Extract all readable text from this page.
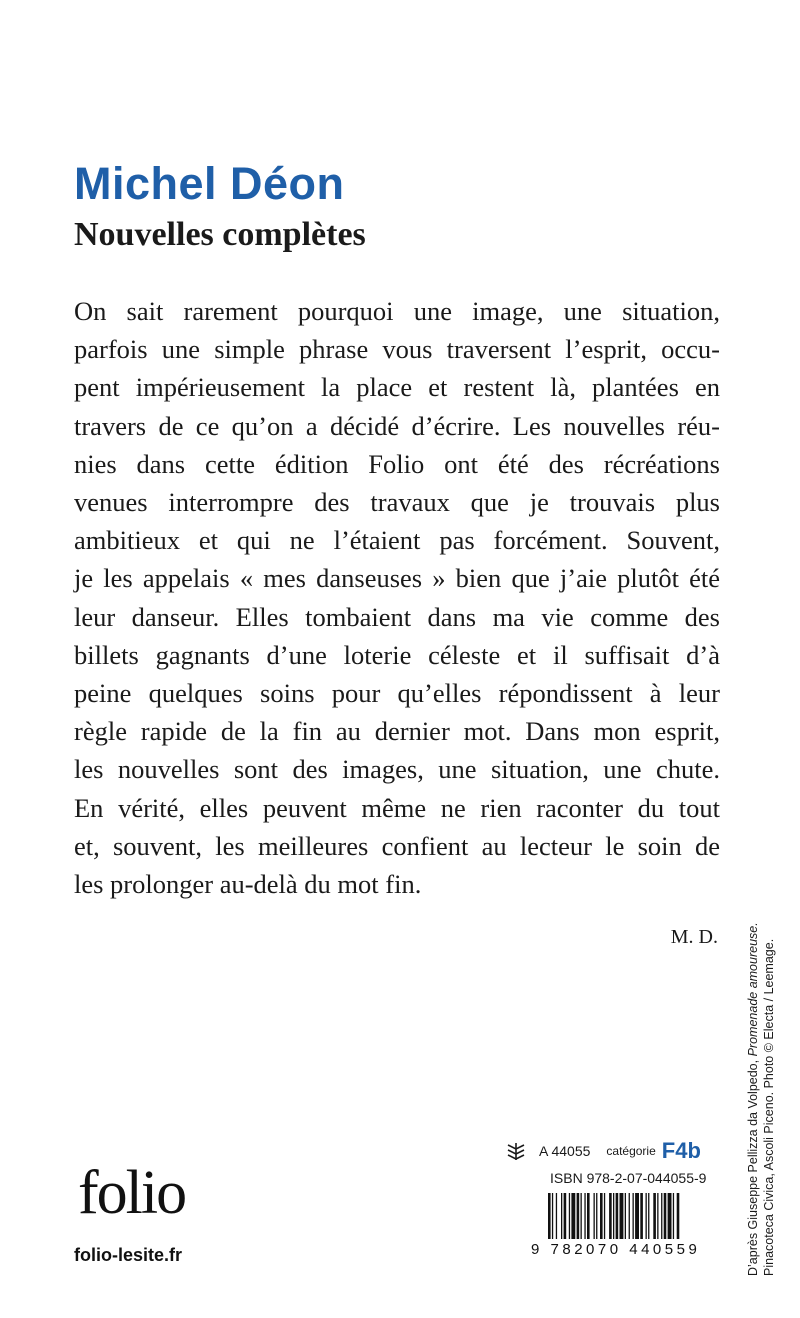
Michel Déon
Nouvelles complètes
On sait rarement pourquoi une image, une situation,
parfois une simple phrase vous traversent l’esprit, occu-
pent impérieusement la place et restent là, plantées en
travers de ce qu’on a décidé d’écrire. Les nouvelles réu-
nies dans cette édition Folio ont été des récréations
venues interrompre des travaux que je trouvais plus
ambitieux et qui ne l’étaient pas forcément. Souvent,
je les appelais « mes danseuses » bien que j’aie plutôt été
leur danseur. Elles tombaient dans ma vie comme des
billets gagnants d’une loterie céleste et il suffisait d’à
peine quelques soins pour qu’elles répondissent à leur
règle rapide de la fin au dernier mot. Dans mon esprit,
les nouvelles sont des images, une situation, une chute.
En vérité, elles peuvent même ne rien raconter du tout
et, souvent, les meilleures confient au lecteur le soin de
les prolonger au-delà du mot fin.
M. D.
D’après Giuseppe Pellizza da Volpedo, Promenade amoureuse. Pinacoteca Civica, Ascoli Piceno. Photo © Electa / Leemage.
folio
folio-lesite.fr
A 44055 catégorie F4b
ISBN 978-2-07-044055-9
9 782070 440559
